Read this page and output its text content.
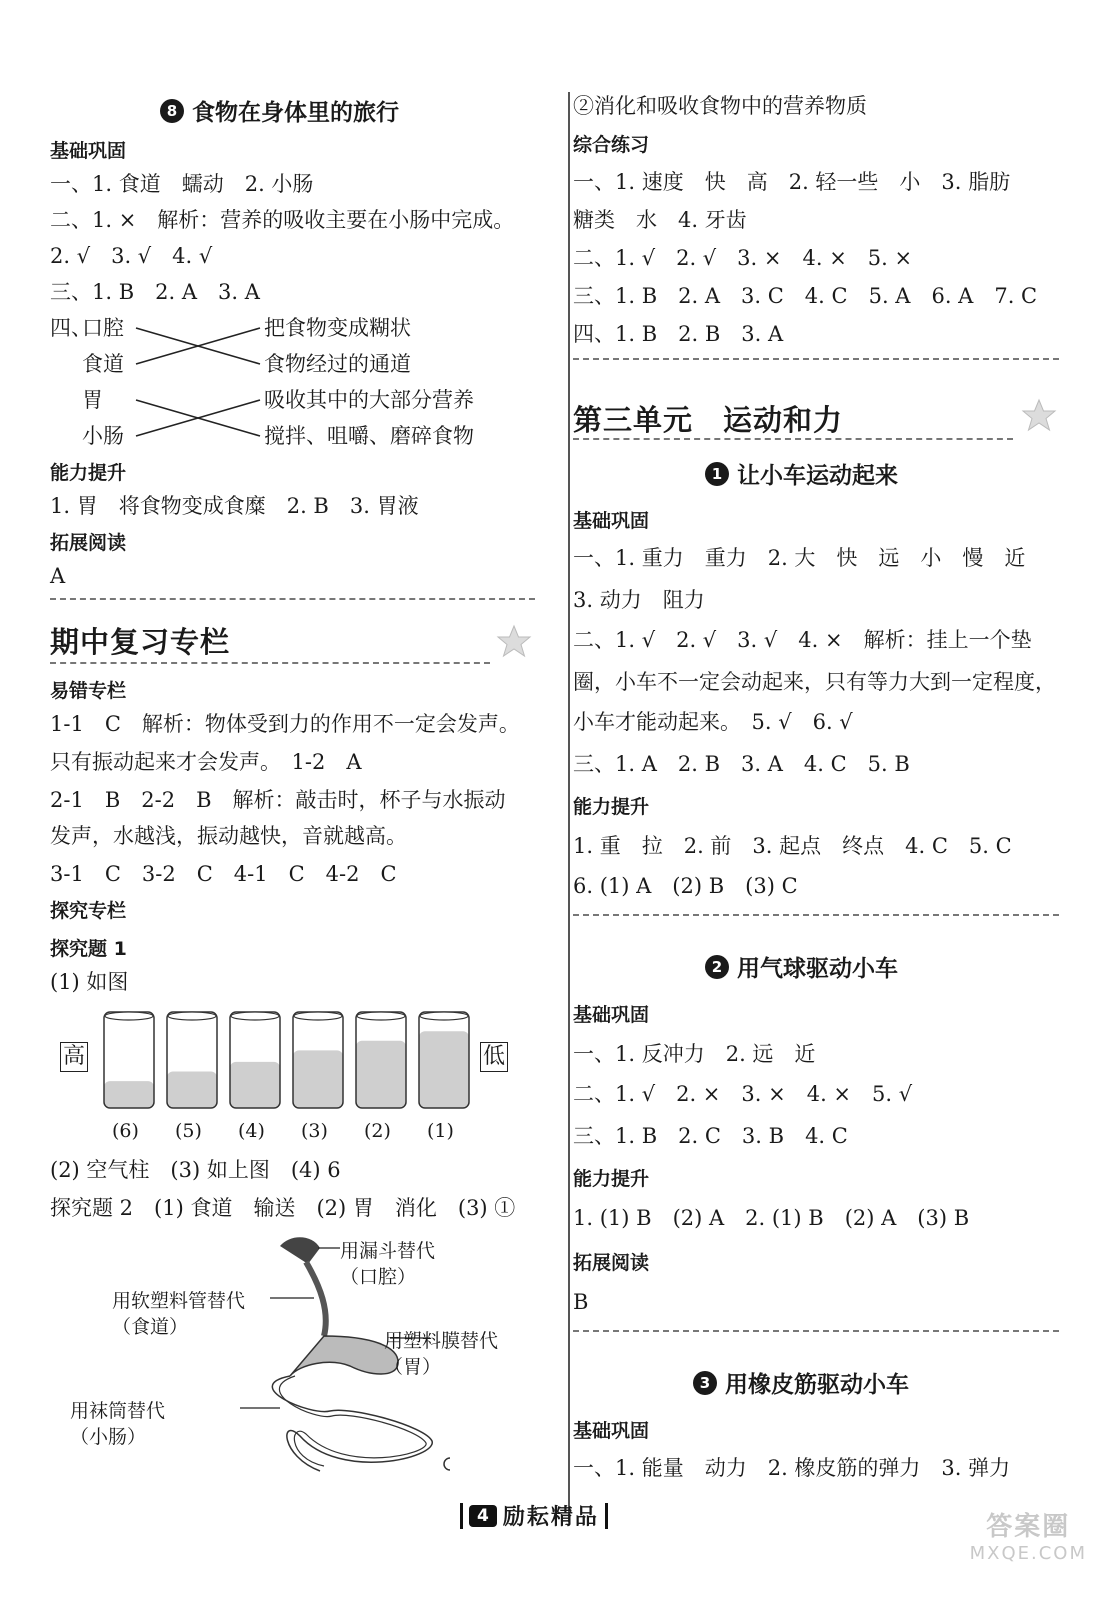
8 食物在身体里的旅行
基础巩固
一、1. 食道　蠕动　2. 小肠
二、1. ×　解析：营养的吸收主要在小肠中完成。
2. √　3. √　4. √
三、1. B　2. A　3. A
四、
口腔
食道
胃
小肠
把食物变成糊状
食物经过的通道
吸收其中的大部分营养
搅拌、咀嚼、磨碎食物
能力提升
1. 胃　将食物变成食糜　2. B　3. 胃液
拓展阅读
A
期中复习专栏
易错专栏
1-1　C　解析：物体受到力的作用不一定会发声。
只有振动起来才会发声。　1-2　A
2-1　B　2-2　B　解析：敲击时，杯子与水振动
发声，水越浅，振动越快，音就越高。
3-1　C　3-2　C　4-1　C　4-2　C
探究专栏
探究题 1
(1) 如图
高	低
(6) (5) (4) (3) (2) (1)
(2) 空气柱　(3) 如上图　(4) 6
探究题 2　(1) 食道　输送　(2) 胃　消化　(3) ①
用漏斗替代
（口腔）
用软塑料管替代
（食道）
用塑料膜替代
（胃）
用袜筒替代
（小肠）
②消化和吸收食物中的营养物质
综合练习
一、1. 速度　快　高　2. 轻一些　小　3. 脂肪
糖类　水　4. 牙齿
二、1. √　2. √　3. ×　4. ×　5. ×
三、1. B　2. A　3. C　4. C　5. A　6. A　7. C
四、1. B　2. B　3. A
第三单元　运动和力
1 让小车运动起来
基础巩固
一、1. 重力　重力　2. 大　快　远　小　慢　近
3. 动力　阻力
二、1. √　2. √　3. √　4. ×　解析：挂上一个垫
圈，小车不一定会动起来，只有等力大到一定程度，
小车才能动起来。　5. √　6. √
三、1. A　2. B　3. A　4. C　5. B
能力提升
1. 重　拉　2. 前　3. 起点　终点　4. C　5. C
6. (1) A　(2) B　(3) C
2 用气球驱动小车
基础巩固
一、1. 反冲力　2. 远　近
二、1. √　2. ×　3. ×　4. ×　5. √
三、1. B　2. C　3. B　4. C
能力提升
1. (1) B　(2) A　2. (1) B　(2) A　(3) B
拓展阅读
B
3 用橡皮筋驱动小车
基础巩固
一、1. 能量　动力　2. 橡皮筋的弹力　3. 弹力
4 励耘精品	答案圈
MXQE.COM
